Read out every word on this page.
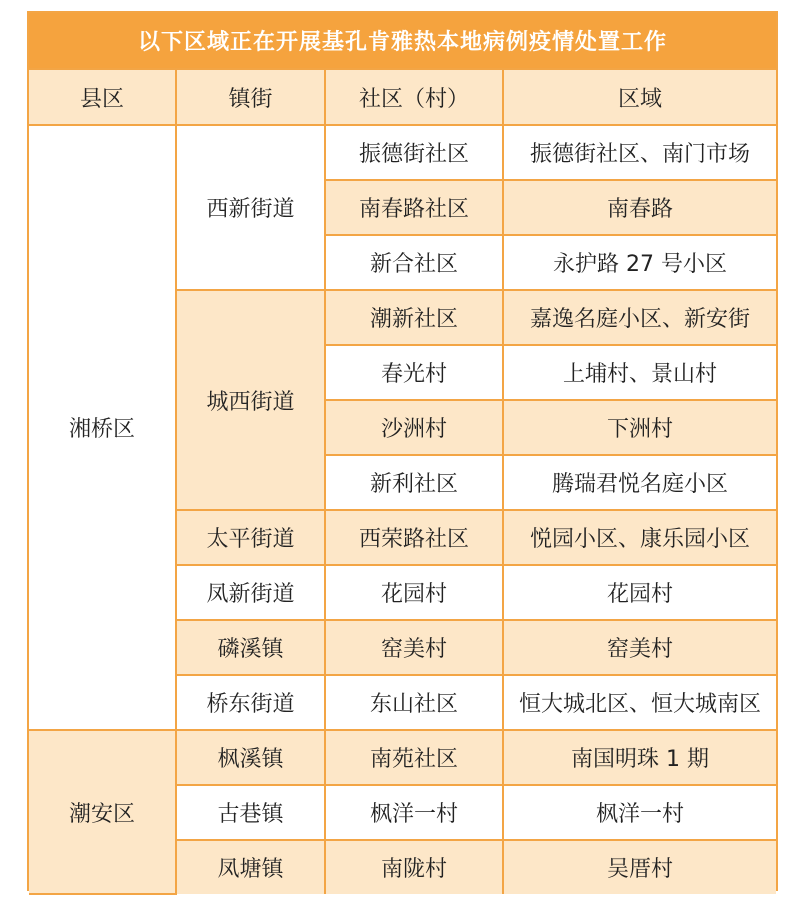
以下区域正在开展基孔肯雅热本地病例疫情处置工作
县区	镇街	社区（村）	区域
湘桥区	西新街道	振德街社区	振德街社区、南门市场
		南春路社区	南春路
		新合社区	永护路 27 号小区
	城西街道	潮新社区	嘉逸名庭小区、新安街
		春光村	上埔村、景山村
		沙洲村	下洲村
		新利社区	腾瑞君悦名庭小区
	太平街道	西荣路社区	悦园小区、康乐园小区
	凤新街道	花园村	花园村
	磷溪镇	窑美村	窑美村
	桥东街道	东山社区	恒大城北区、恒大城南区
潮安区	枫溪镇	南苑社区	南国明珠 1 期
	古巷镇	枫洋一村	枫洋一村
	凤塘镇	南陇村	吴厝村
